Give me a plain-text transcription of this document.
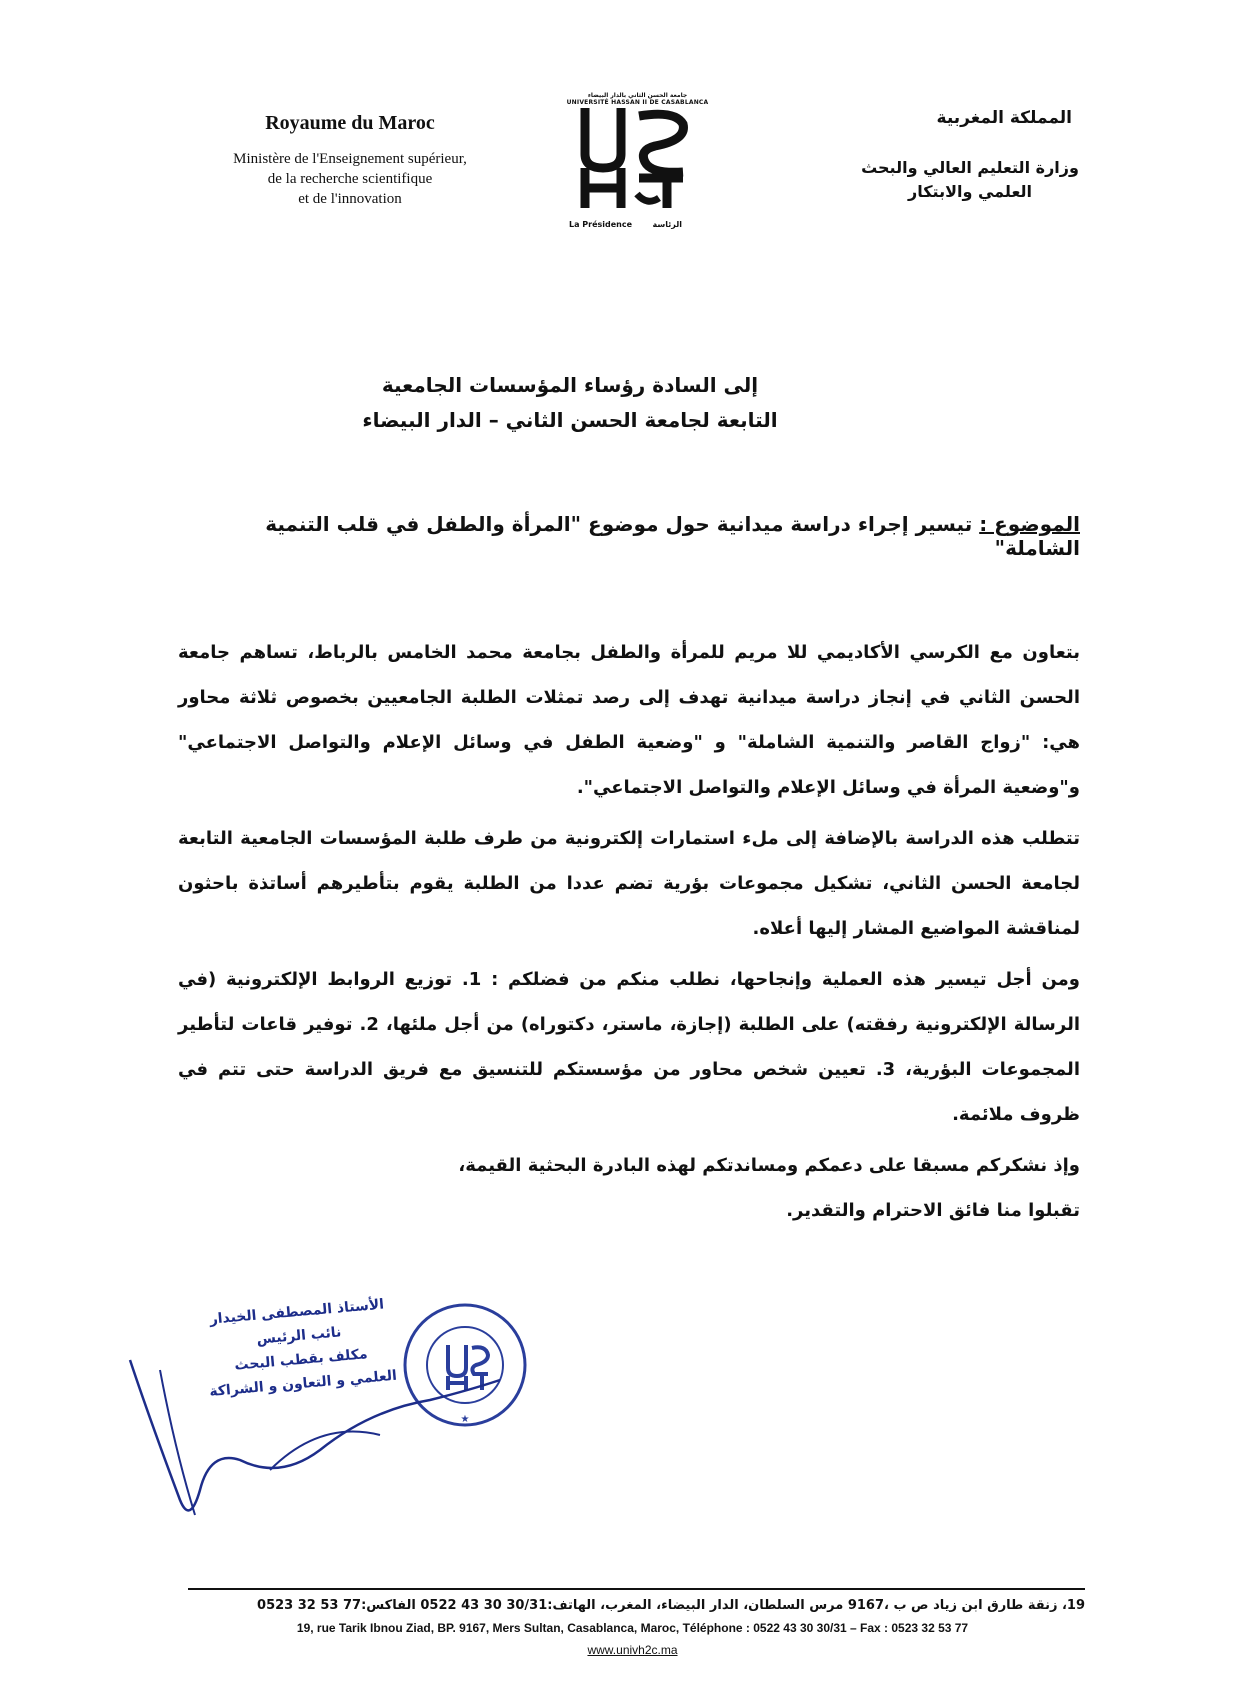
Royaume du Maroc
Ministère de l'Enseignement supérieur,
de la recherche scientifique
et de l'innovation
جامعة الحسن الثاني بالدار البيضاء
UNIVERSITÉ HASSAN II DE CASABLANCA
La Présidence	الرئاسة
المملكة المغربية
وزارة التعليم العالي والبحث
العلمي والابتكار
إلى السادة رؤساء المؤسسات الجامعية
التابعة لجامعة الحسن الثاني – الدار البيضاء
الموضوع : تيسير إجراء دراسة ميدانية حول موضوع "المرأة والطفل في قلب التنمية الشاملة"

بتعاون مع الكرسي الأكاديمي للا مريم للمرأة والطفل بجامعة محمد الخامس بالرباط، تساهم جامعة الحسن الثاني في إنجاز دراسة ميدانية تهدف إلى رصد تمثلات الطلبة الجامعيين بخصوص ثلاثة محاور هي: "زواج القاصر والتنمية الشاملة" و "وضعية الطفل في وسائل الإعلام والتواصل الاجتماعي" و"وضعية المرأة في وسائل الإعلام والتواصل الاجتماعي".

تتطلب هذه الدراسة بالإضافة إلى ملء استمارات إلكترونية من طرف طلبة المؤسسات الجامعية التابعة لجامعة الحسن الثاني، تشكيل مجموعات بؤرية تضم عددا من الطلبة يقوم بتأطيرهم أساتذة باحثون لمناقشة المواضيع المشار إليها أعلاه.

ومن أجل تيسير هذه العملية وإنجاحها، نطلب منكم من فضلكم : 1. توزيع الروابط الإلكترونية (في الرسالة الإلكترونية رفقته) على الطلبة (إجازة، ماستر، دكتوراه) من أجل ملئها، 2. توفير قاعات لتأطير المجموعات البؤرية، 3. تعيين شخص محاور من مؤسستكم للتنسيق مع فريق الدراسة حتى تتم في ظروف ملائمة.

وإذ نشكركم مسبقا على دعمكم ومساندتكم لهذه البادرة البحثية القيمة،

تقبلوا منا فائق الاحترام والتقدير.

★
الأستاذ المصطفى الخيدار
نائب الرئيس
مكلف بقطب البحث
العلمي و التعاون و الشراكة
19، زنقة طارق ابن زياد ص ب ،9167 مرس السلطان، الدار البيضاء، المغرب، الهاتف:30/31 30 43 0522 الفاكس:77 53 32 0523
19, rue Tarik Ibnou Ziad, BP. 9167, Mers Sultan, Casablanca, Maroc, Téléphone : 0522 43 30 30/31 – Fax : 0523 32 53 77
www.univh2c.ma
